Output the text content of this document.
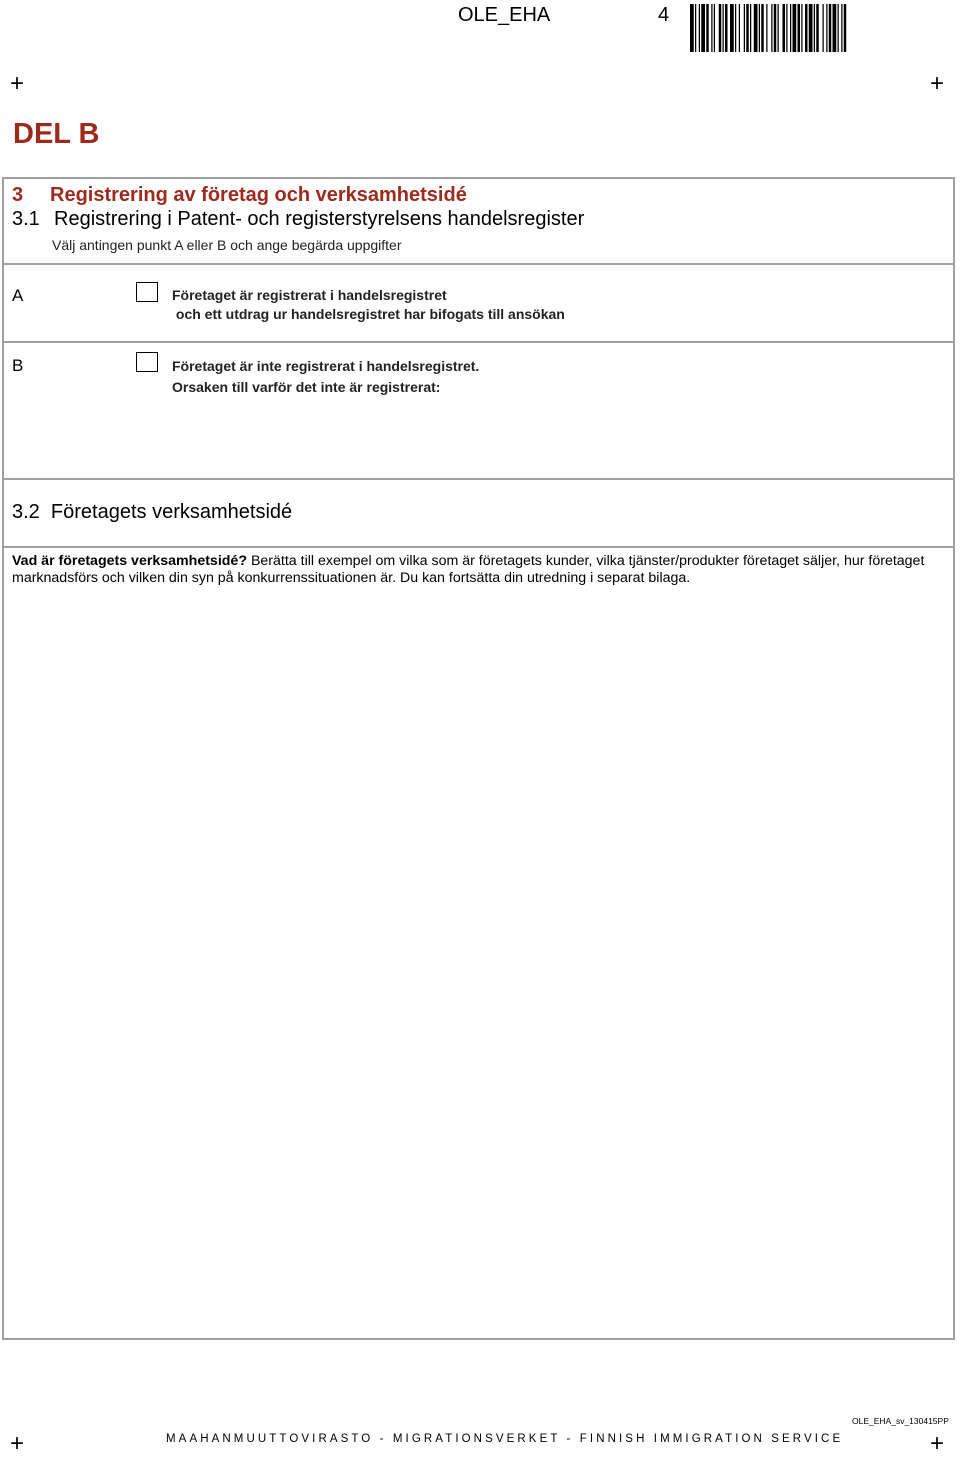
OLE_EHA	4
+	+
+	+
DEL B
3 Registrering av företag och verksamhetsidé
3.1 Registrering i Patent- och registerstyrelsens handelsregister
Välj antingen punkt A eller B och ange begärda uppgifter
A	Företaget är registrerat i handelsregistret
och ett utdrag ur handelsregistret har bifogats till ansökan
B	Företaget är inte registrerat i handelsregistret.
Orsaken till varför det inte är registrerat:
3.2  Företagets verksamhetsidé
Vad är företagets verksamhetsidé? Berätta till exempel om vilka som är företagets kunder, vilka tjänster/produkter företaget säljer, hur företaget marknadsförs och vilken din syn på konkurrenssituationen är. Du kan fortsätta din utredning i separat bilaga.
OLE_EHA_sv_130415PP
MAAHANMUUTTOVIRASTO - MIGRATIONSVERKET - FINNISH IMMIGRATION SERVICE
